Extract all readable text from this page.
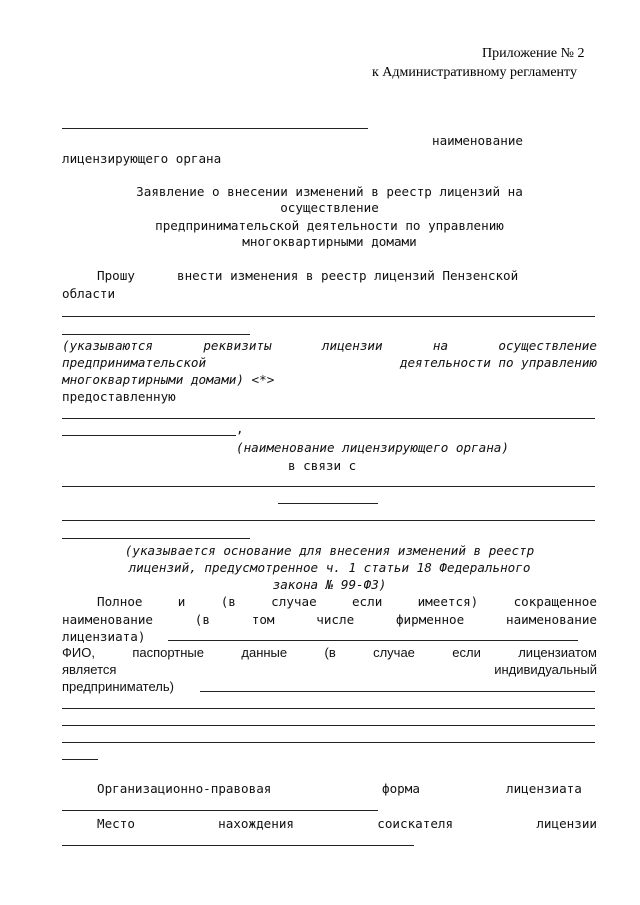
Приложение № 2
к Административному регламенту
наименование
лицензирующего органа
Заявление о внесении изменений в реестр лицензий на
осуществление
предпринимательской деятельности по управлению
многоквартирными домами
Прошу	внести изменения в реестр лицензий Пензенской
области
(указываются	реквизиты	лицензии	на	осуществление
предпринимательской	деятельности по управлению
многоквартирными домами) <*>
предоставленную
,
(наименование лицензирующего органа)
в связи с
(указывается основание для внесения изменений в реестр
лицензий, предусмотренное ч. 1 статьи 18 Федерального
закона № 99-ФЗ)
Полное	и	(в	случае	если	имеется)	сокращенное
наименование	(в	том	числе	фирменное	наименование
лицензиата)
ФИО,	паспортные	данные	(в	случае	если	лицензиатом
является	индивидуальный
предприниматель)
Организационно-правовая	форма	лицензиата
Место	нахождения	соискателя	лицензии
